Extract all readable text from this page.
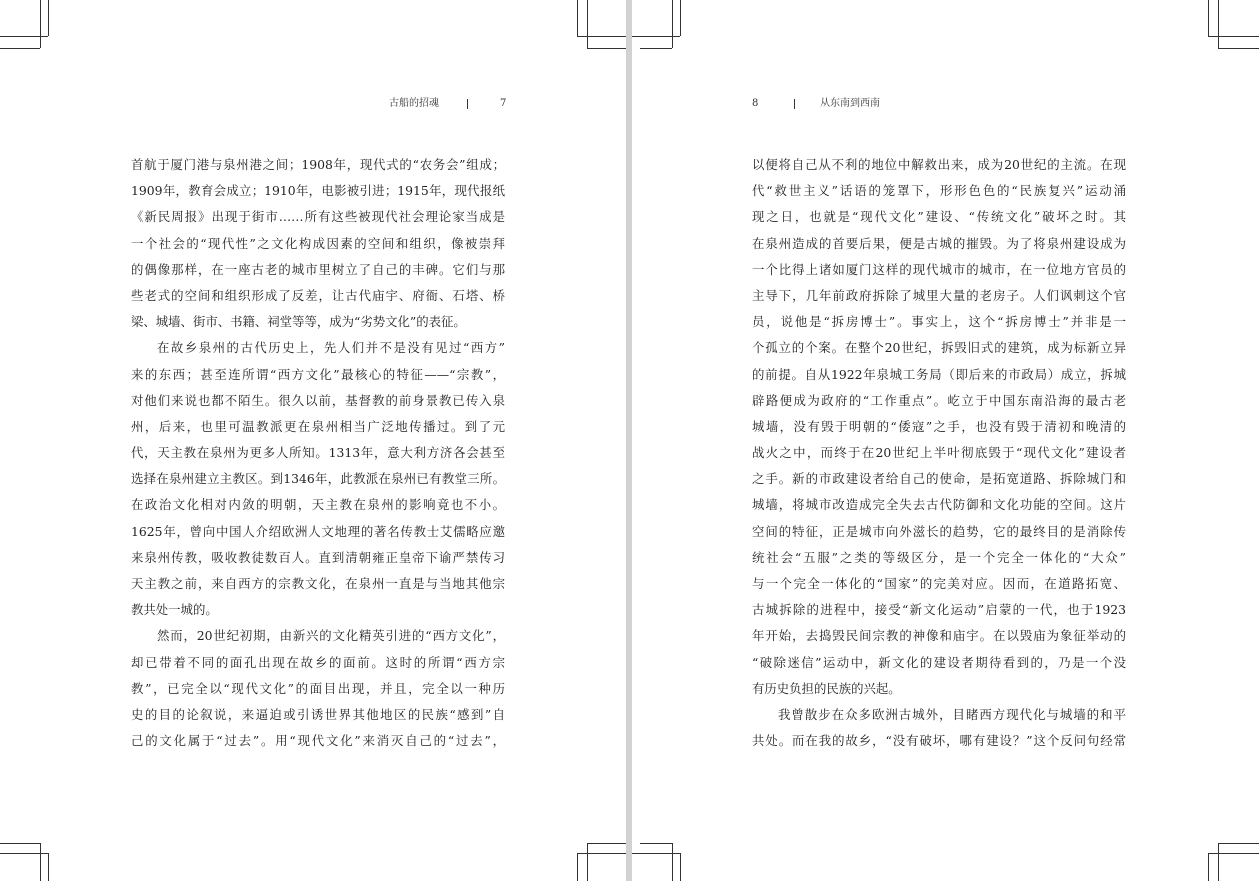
古船的招魂	7
首航于厦门港与泉州港之间；1908年，现代式的“农务会”组成；
1909年，教育会成立；1910年，电影被引进；1915年，现代报纸
《新民周报》出现于街市……所有这些被现代社会理论家当成是
一个社会的“现代性”之文化构成因素的空间和组织，像被崇拜
的偶像那样，在一座古老的城市里树立了自己的丰碑。它们与那
些老式的空间和组织形成了反差，让古代庙宇、府衙、石塔、桥
梁、城墙、街市、书籍、祠堂等等，成为“劣势文化”的表征。
在故乡泉州的古代历史上，先人们并不是没有见过“西方”
来的东西；甚至连所谓“西方文化”最核心的特征——“宗教”，
对他们来说也都不陌生。很久以前，基督教的前身景教已传入泉
州，后来，也里可温教派更在泉州相当广泛地传播过。到了元
代，天主教在泉州为更多人所知。1313年，意大利方济各会甚至
选择在泉州建立主教区。到1346年，此教派在泉州已有教堂三所。
在政治文化相对内敛的明朝，天主教在泉州的影响竟也不小。
1625年，曾向中国人介绍欧洲人文地理的著名传教士艾儒略应邀
来泉州传教，吸收教徒数百人。直到清朝雍正皇帝下谕严禁传习
天主教之前，来自西方的宗教文化，在泉州一直是与当地其他宗
教共处一城的。
然而，20世纪初期，由新兴的文化精英引进的“西方文化”，
却已带着不同的面孔出现在故乡的面前。这时的所谓“西方宗
教”，已完全以“现代文化”的面目出现，并且，完全以一种历
史的目的论叙说，来逼迫或引诱世界其他地区的民族“感到”自
己的文化属于“过去”。用“现代文化”来消灭自己的“过去”，
8	从东南到西南
以便将自己从不利的地位中解救出来，成为20世纪的主流。在现
代“救世主义”话语的笼罩下，形形色色的“民族复兴”运动涌
现之日，也就是“现代文化”建设、“传统文化”破坏之时。其
在泉州造成的首要后果，便是古城的摧毁。为了将泉州建设成为
一个比得上诸如厦门这样的现代城市的城市，在一位地方官员的
主导下，几年前政府拆除了城里大量的老房子。人们讽刺这个官
员，说他是“拆房博士”。事实上，这个“拆房博士”并非是一
个孤立的个案。在整个20世纪，拆毁旧式的建筑，成为标新立异
的前提。自从1922年泉城工务局（即后来的市政局）成立，拆城
辟路便成为政府的“工作重点”。屹立于中国东南沿海的最古老
城墙，没有毁于明朝的“倭寇”之手，也没有毁于清初和晚清的
战火之中，而终于在20世纪上半叶彻底毁于“现代文化”建设者
之手。新的市政建设者给自己的使命，是拓宽道路、拆除城门和
城墙，将城市改造成完全失去古代防御和文化功能的空间。这片
空间的特征，正是城市向外滋长的趋势，它的最终目的是消除传
统社会“五服”之类的等级区分，是一个完全一体化的“大众”
与一个完全一体化的“国家”的完美对应。因而，在道路拓宽、
古城拆除的进程中，接受“新文化运动”启蒙的一代，也于1923
年开始，去捣毁民间宗教的神像和庙宇。在以毁庙为象征举动的
“破除迷信”运动中，新文化的建设者期待看到的，乃是一个没
有历史负担的民族的兴起。
我曾散步在众多欧洲古城外，目睹西方现代化与城墙的和平
共处。而在我的故乡，“没有破坏，哪有建设？”这个反问句经常
